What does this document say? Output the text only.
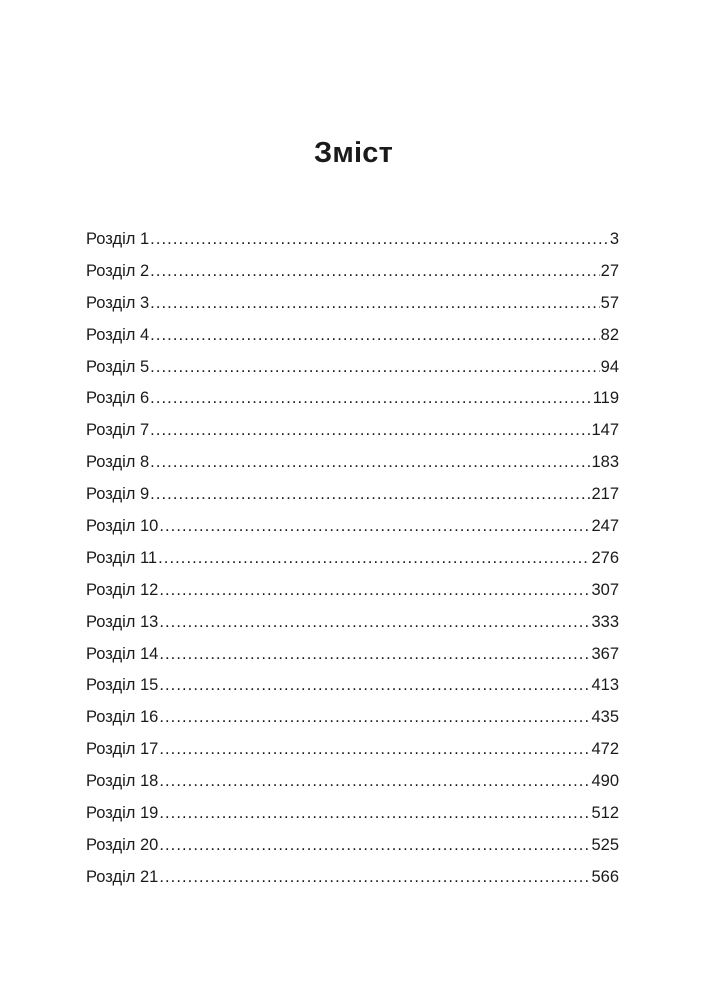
Зміст
Розділ 1 . . .	3
Розділ 2 . . .	27
Розділ 3 . . .	57
Розділ 4 . . .	82
Розділ 5 . . .	94
Розділ 6 . . .	119
Розділ 7 . . .	147
Розділ 8 . . .	183
Розділ 9 . . .	217
Розділ 10 . . .	247
Розділ 11 . . .	276
Розділ 12 . . .	307
Розділ 13 . . .	333
Розділ 14 . . .	367
Розділ 15 . . .	413
Розділ 16 . . .	435
Розділ 17 . . .	472
Розділ 18 . . .	490
Розділ 19 . . .	512
Розділ 20 . . .	525
Розділ 21 . . .	566
